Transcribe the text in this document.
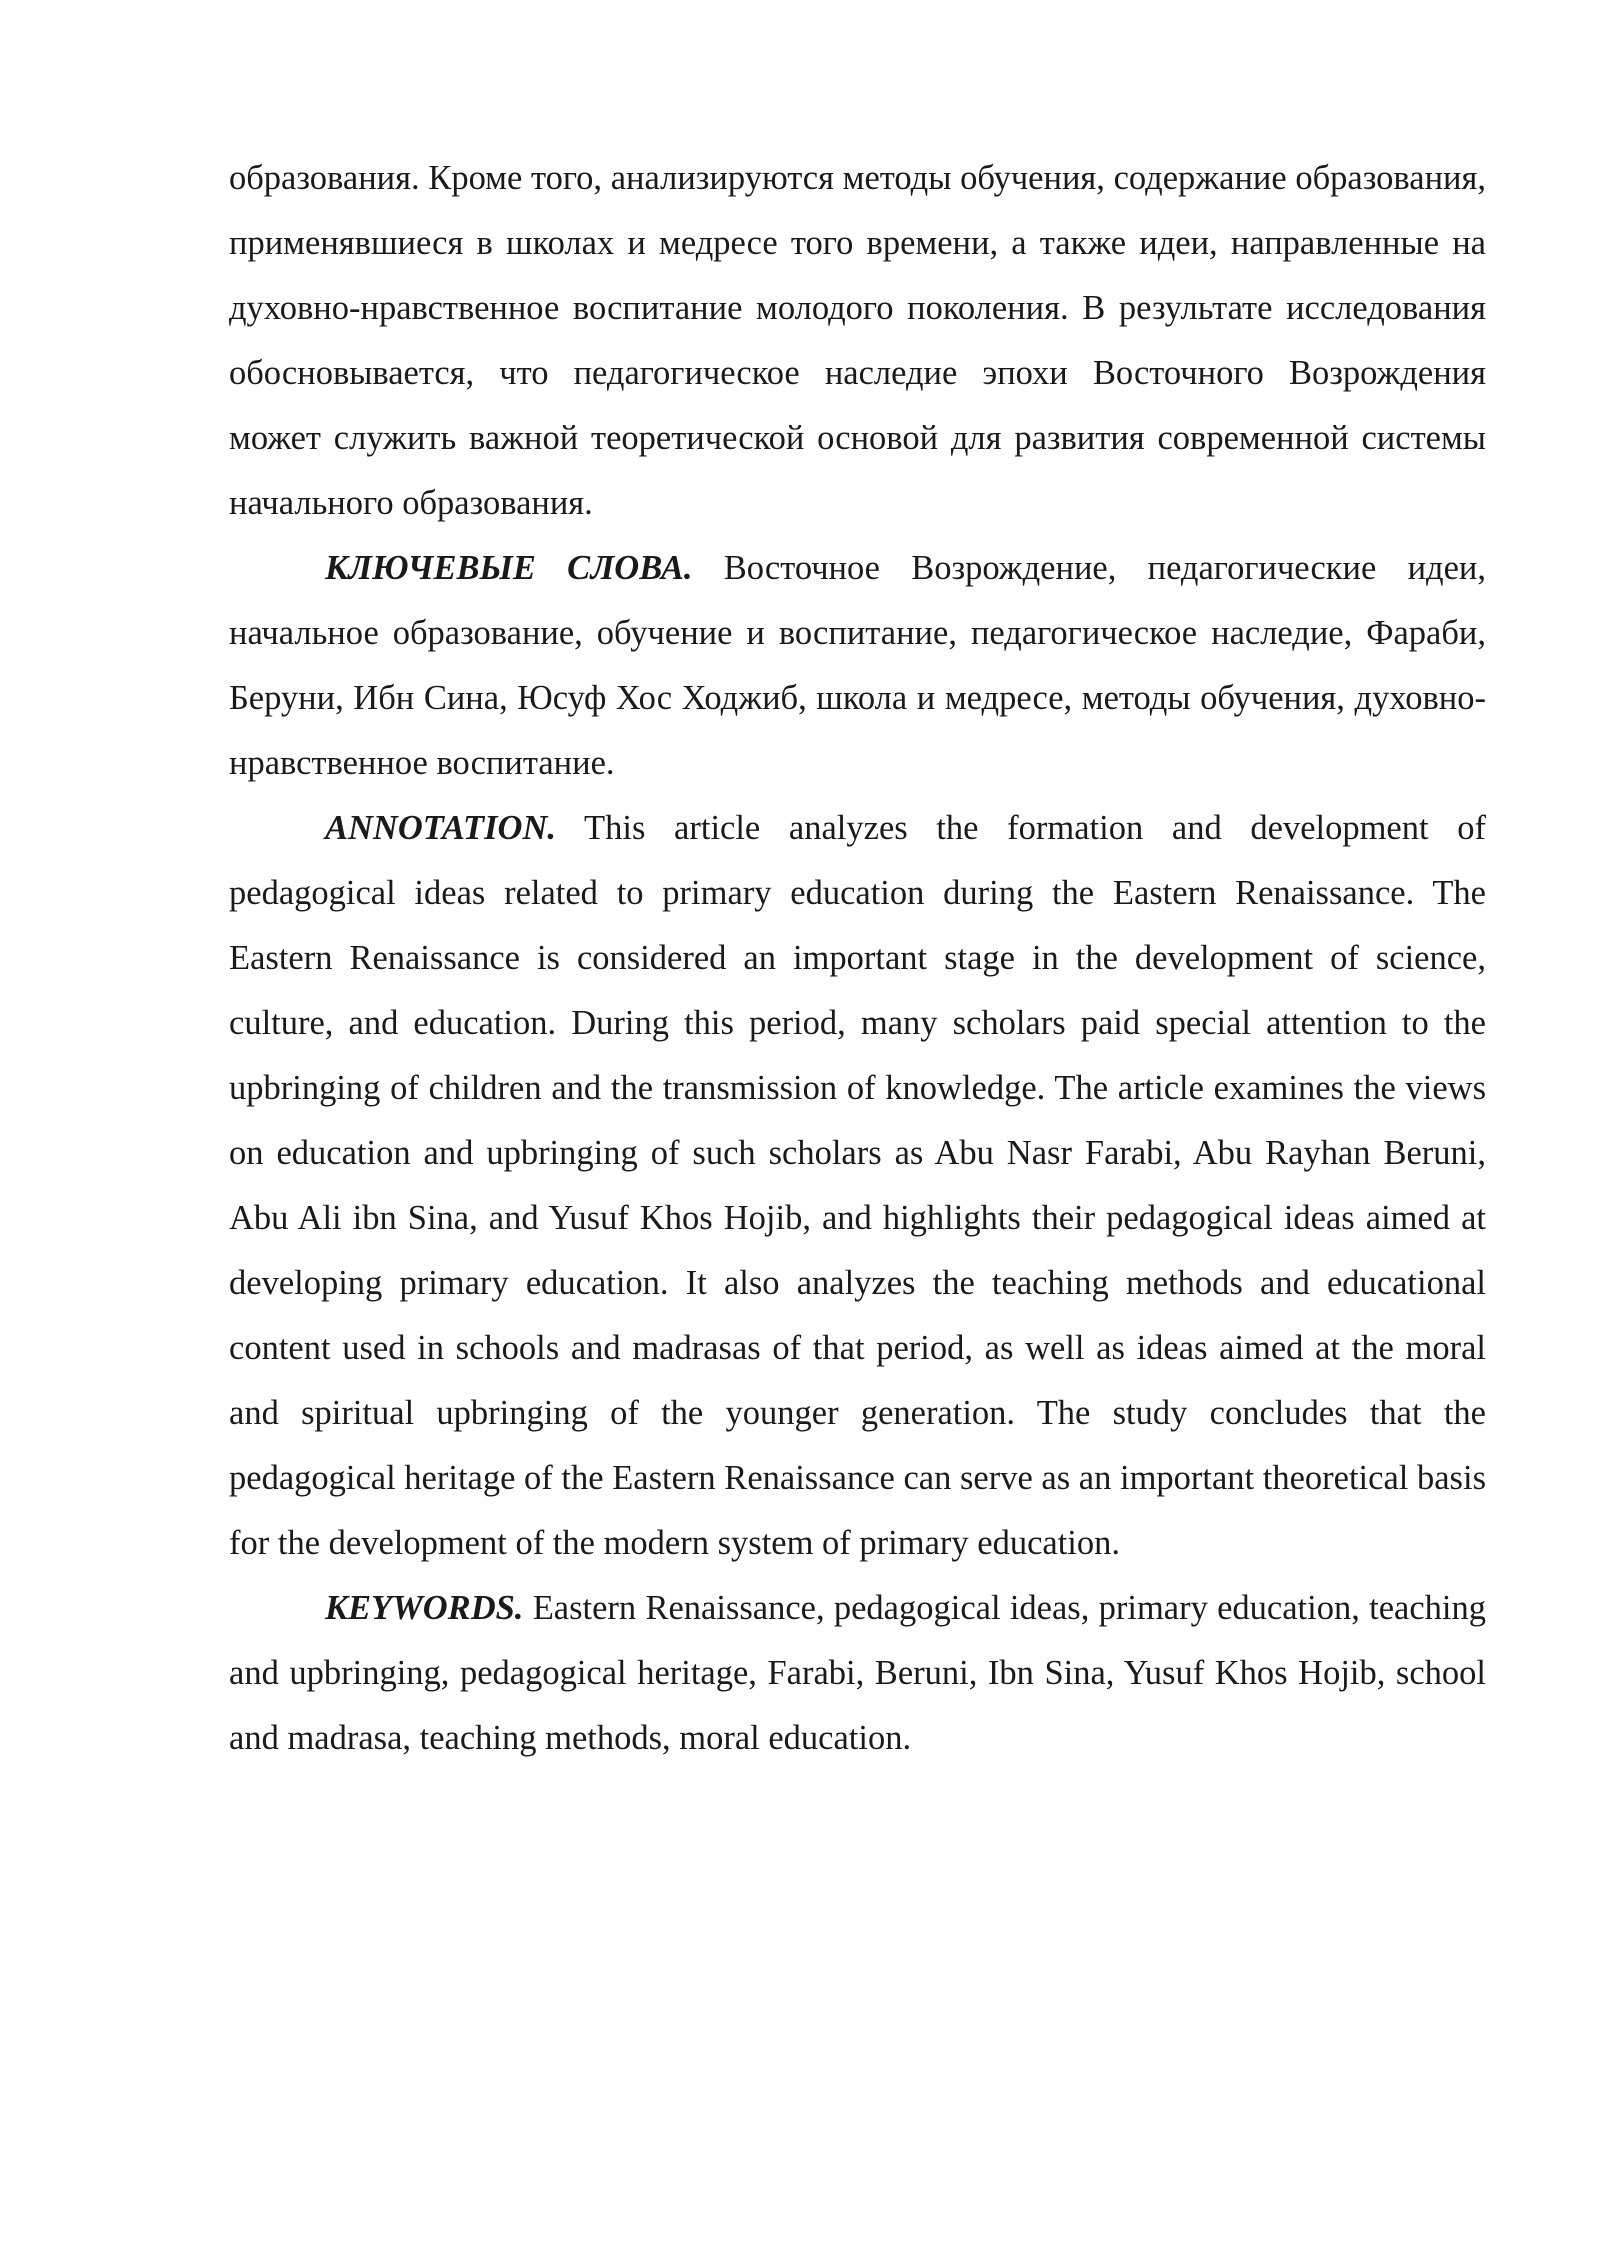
образования. Кроме того, анализируются методы обучения, содержание образования, применявшиеся в школах и медресе того времени, а также идеи, направленные на духовно-нравственное воспитание молодого поколения. В результате исследования обосновывается, что педагогическое наследие эпохи Восточного Возрождения может служить важной теоретической основой для развития современной системы начального образования.

КЛЮЧЕВЫЕ СЛОВА. Восточное Возрождение, педагогические идеи, начальное образование, обучение и воспитание, педагогическое наследие, Фараби, Беруни, Ибн Сина, Юсуф Хос Ходжиб, школа и медресе, методы обучения, духовно-нравственное воспитание.

ANNOTATION. This article analyzes the formation and development of pedagogical ideas related to primary education during the Eastern Renaissance. The Eastern Renaissance is considered an important stage in the development of science, culture, and education. During this period, many scholars paid special attention to the upbringing of children and the transmission of knowledge. The article examines the views on education and upbringing of such scholars as Abu Nasr Farabi, Abu Rayhan Beruni, Abu Ali ibn Sina, and Yusuf Khos Hojib, and highlights their pedagogical ideas aimed at developing primary education. It also analyzes the teaching methods and educational content used in schools and madrasas of that period, as well as ideas aimed at the moral and spiritual upbringing of the younger generation. The study concludes that the pedagogical heritage of the Eastern Renaissance can serve as an important theoretical basis for the development of the modern system of primary education.

KEYWORDS. Eastern Renaissance, pedagogical ideas, primary education, teaching and upbringing, pedagogical heritage, Farabi, Beruni, Ibn Sina, Yusuf Khos Hojib, school and madrasa, teaching methods, moral education.
